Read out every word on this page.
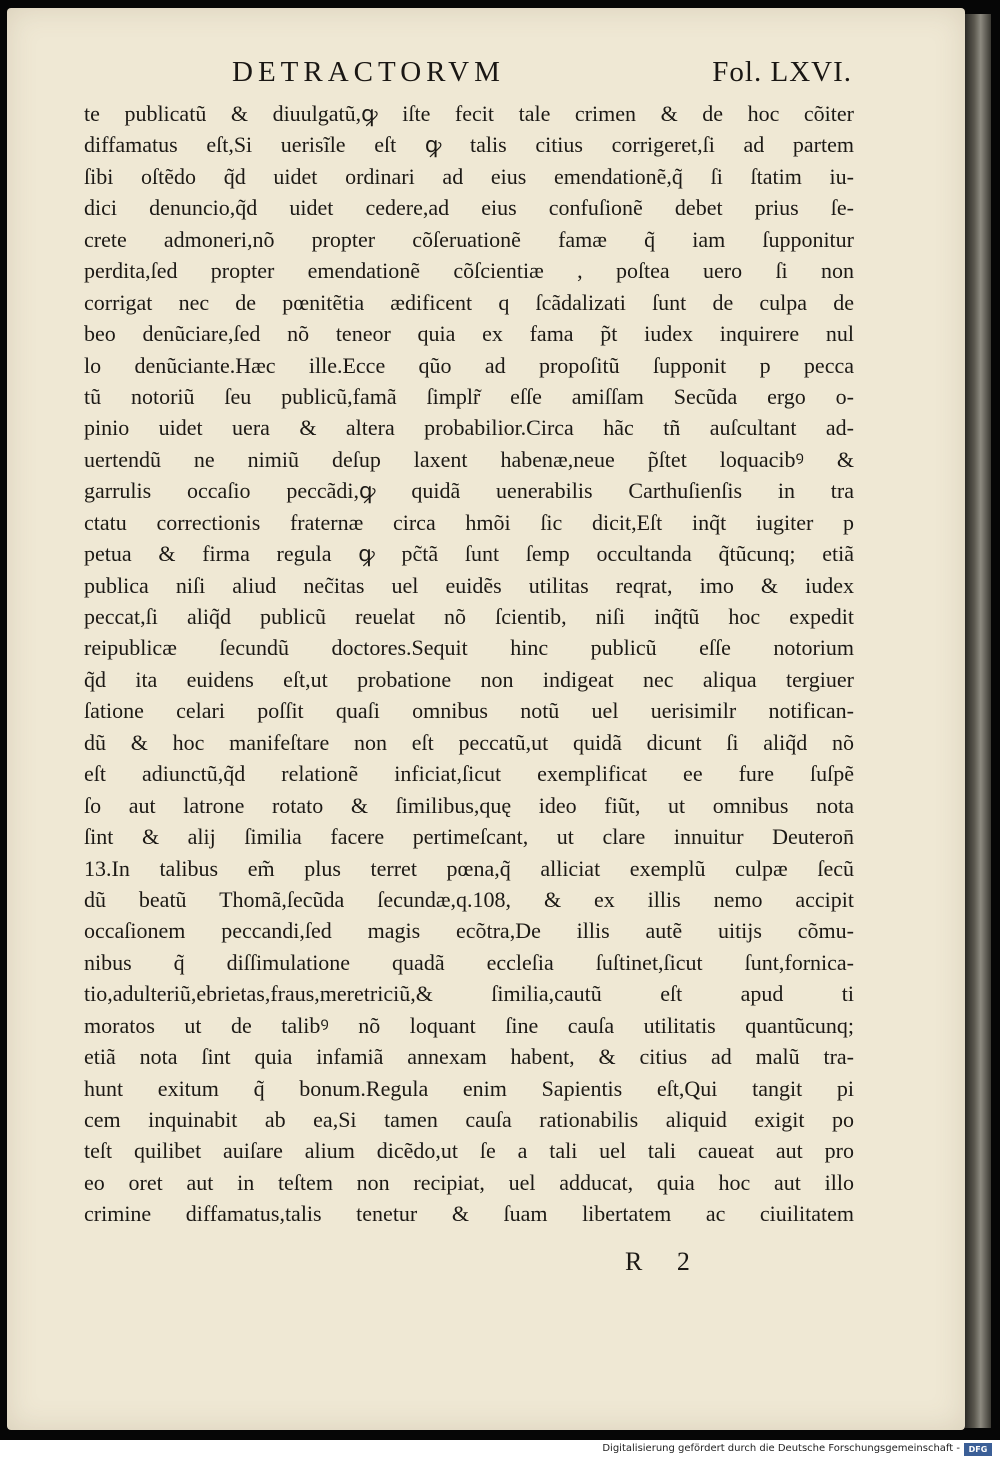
DETRACTORVM	Fol. LXVI.
te publicatũ & diuulgatũ,ꝙ iſte fecit tale crimen & de hoc cõiter
diffamatus eſt,Si uerisĩle eſt ꝙ talis citius corrigeret,ſi ad partem
ſibi oſtẽdo q̃d uidet ordinari ad eius emendationẽ,q̃ ſi ſtatim iu-
dici denuncio,q̃d uidet cedere,ad eius confuſionẽ debet prius ſe-
crete admoneri,nõ propter cõſeruationẽ famæ q̃ iam ſupponitur
perdita,ſed propter emendationẽ cõſcientiæ , poſtea uero ſi non
corrigat nec de pœnitẽtia ædificent q ſcãdalizati ſunt de culpa de
beo denũciare,ſed nõ teneor quia ex fama p̃t iudex inquirere nul
lo denũciante.Hæc ille.Ecce qũo ad propoſitũ ſupponit p pecca
tũ notoriũ ſeu publicũ,famã ſimplr̃ eſſe amiſſam Secũda ergo o-
pinio uidet uera & altera probabilior.Circa hãc tñ auſcultant ad-
uertendũ ne nimiũ deſup laxent habenæ,neue p̃ſtet loquacibꝰ &
garrulis occaſio peccãdi,ꝙ quidã uenerabilis Carthuſienſis in tra
ctatu correctionis fraternæ circa hmõi ſic dicit,Eſt inq̃t iugiter p
petua & firma regula ꝙ pc̃tã ſunt ſemp occultanda q̃tũcunq; etiã
publica niſi aliud nec̃itas uel euidẽs utilitas reqrat, imo & iudex
peccat,ſi aliq̃d publicũ reuelat nõ ſcientib, niſi inq̃tũ hoc expedit
reipublicæ ſecundũ doctores.Sequit hinc publicũ eſſe notorium
q̃d ita euidens eſt,ut probatione non indigeat nec aliqua tergiuer
ſatione celari poſſit quaſi omnibus notũ uel uerisimilr notifican-
dũ & hoc manifeſtare non eſt peccatũ,ut quidã dicunt ſi aliq̃d nõ
eſt adiunctũ,q̃d relationẽ inficiat,ſicut exemplificat ee fure ſuſpẽ
ſo aut latrone rotato & ſimilibus,quę ideo fiũt, ut omnibus nota
ſint & alij ſimilia facere pertimeſcant, ut clare innuitur Deuteron̄
13.In talibus em̃ plus terret pœna,q̃ alliciat exemplũ culpæ ſecũ
dũ beatũ Thomã,ſecũda ſecundæ,q.108, & ex illis nemo accipit
occaſionem peccandi,ſed magis ecõtra,De illis autẽ uitijs cõmu-
nibus q̃ diſſimulatione quadã eccleſia ſuſtinet,ſicut ſunt,fornica-
tio,adulteriũ,ebrietas,fraus,meretriciũ,& ſimilia,cautũ eſt apud ti
moratos ut de talibꝰ nõ loquant ſine cauſa utilitatis quantũcunq;
etiã nota ſint quia infamiã annexam habent, & citius ad malũ tra-
hunt exitum q̃ bonum.Regula enim Sapientis eſt,Qui tangit pi
cem inquinabit ab ea,Si tamen cauſa rationabilis aliquid exigit po
teſt quilibet auiſare alium dicẽdo,ut ſe a tali uel tali caueat aut pro
eo oret aut in teſtem non recipiat, uel adducat, quia hoc aut illo
crimine diffamatus,talis tenetur & ſuam libertatem ac ciuilitatem
R 2
Digitalisierung gefördert durch die Deutsche Forschungsgemeinschaft -	DFG
